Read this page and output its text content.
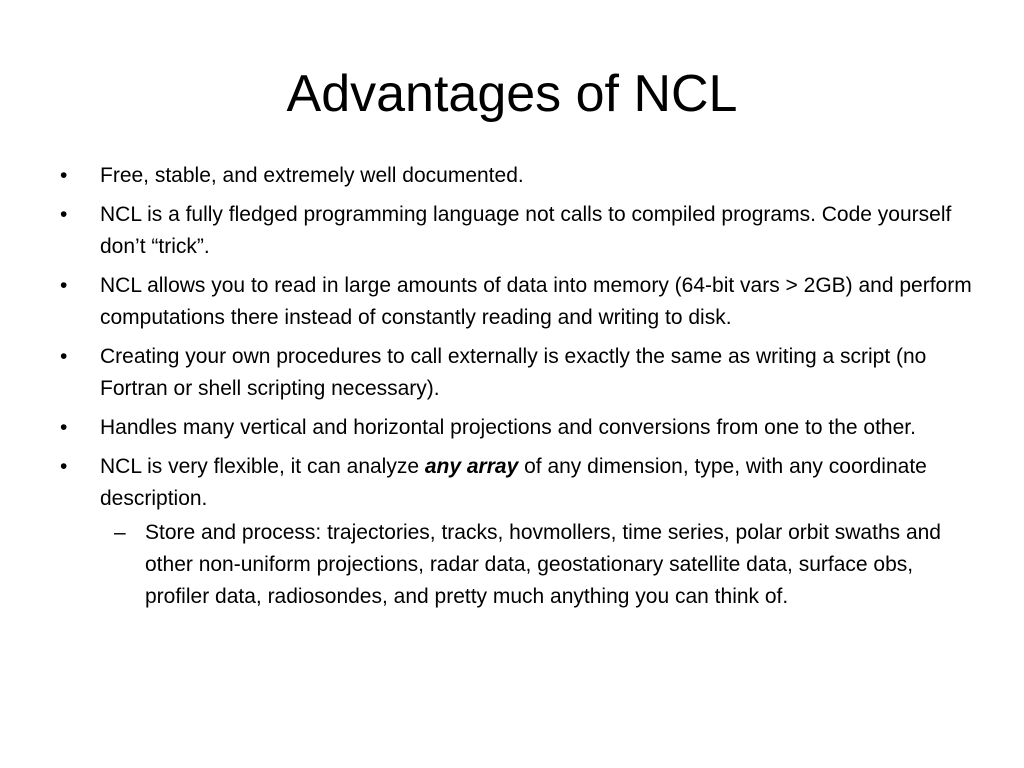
Advantages of NCL
• Free, stable, and extremely well documented.
• NCL is a fully fledged programming language not calls to compiled programs. Code yourself don’t “trick”.
• NCL allows you to read in large amounts of data into memory (64-bit vars > 2GB) and perform computations there instead of constantly reading and writing to disk.
• Creating your own procedures to call externally is exactly the same as writing a script (no Fortran or shell scripting necessary).
• Handles many vertical and horizontal projections and conversions from one to the other.
• NCL is very flexible, it can analyze any array of any dimension, type, with any coordinate description.
– Store and process: trajectories, tracks, hovmollers, time series, polar orbit swaths and other non-uniform projections, radar data, geostationary satellite data, surface obs, profiler data, radiosondes, and pretty much anything you can think of.
